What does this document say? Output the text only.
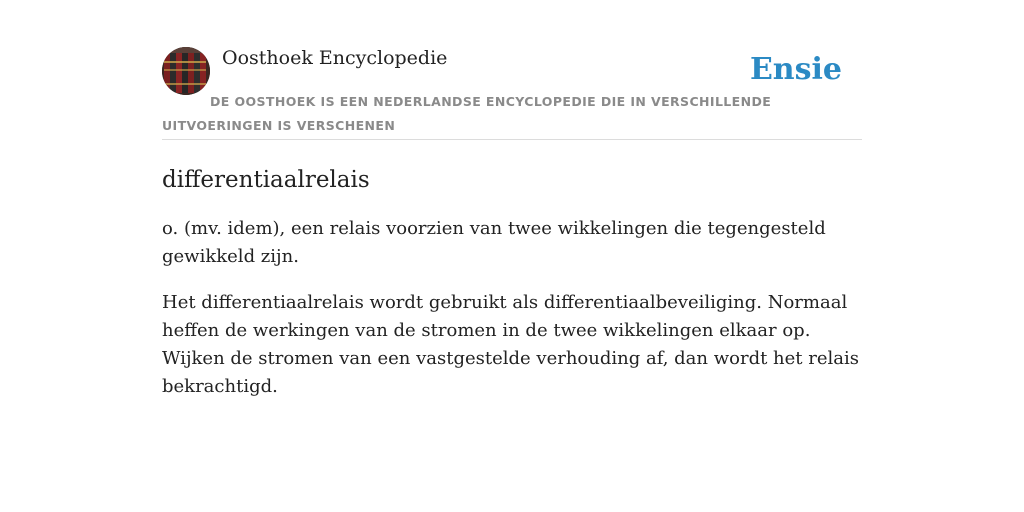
Oosthoek Encyclopedie	Ensie
DE OOSTHOEK IS EEN NEDERLANDSE ENCYCLOPEDIE DIE IN VERSCHILLENDE UITVOERINGEN IS VERSCHENEN
differentiaalrelais

o. (mv. idem), een relais voorzien van twee wikkelingen die tegengesteld gewikkeld zijn.

Het differentiaalrelais wordt gebruikt als differentiaalbeveiliging. Normaal heffen de werkingen van de stromen in de twee wikkelingen elkaar op. Wijken de stromen van een vastgestelde verhouding af, dan wordt het relais bekrachtigd.
